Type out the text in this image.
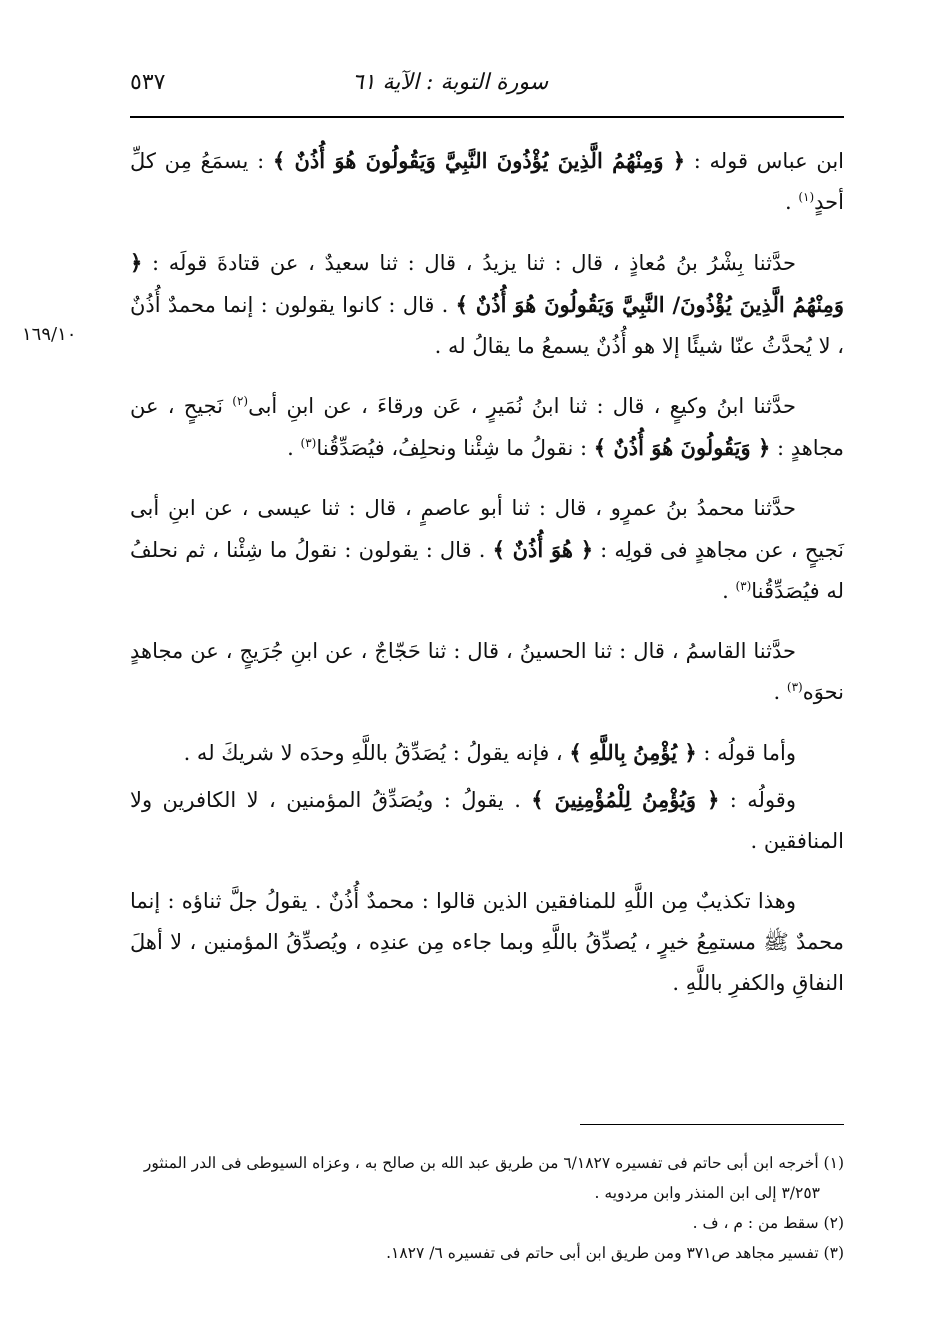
٥٣٧	سورة التوبة : الآية ٦١
١٦٩/١٠

ابن عباس قوله : ﴿ وَمِنْهُمُ الَّذِينَ يُؤْذُونَ النَّبِيَّ وَيَقُولُونَ هُوَ أُذُنٌ ﴾ : يسمَعُ مِن كلِّ أحدٍ$^{(١)}$ .

حدَّثنا بِشْرُ بنُ مُعاذٍ ، قال : ثنا يزيدُ ، قال : ثنا سعيدٌ ، عن قتادةَ قولَه : ﴿ وَمِنْهُمُ الَّذِينَ يُؤْذُونَ/ النَّبِيَّ وَيَقُولُونَ هُوَ أُذُنٌ ﴾ . قال : كانوا يقولون : إنما محمدٌ أُذُنٌ ، لا يُحدَّثُ عنّا شيئًا إلا هو أُذُنٌ يسمعُ ما يقالُ له .

حدَّثنا ابنُ وكيعٍ ، قال : ثنا ابنُ نُمَيرٍ ، عَن ورقاءَ ، عن ابنِ أبى$^{(٢)}$ نَجيحٍ ، عن مجاهدٍ : ﴿ وَيَقُولُونَ هُوَ أُذُنٌ ﴾ : نقولُ ما شِئْنا ونحلِفُ، فيُصَدِّقُنا$^{(٣)}$ .

حدَّثنا محمدُ بنُ عمرٍو ، قال : ثنا أبو عاصمٍ ، قال : ثنا عيسى ، عن ابنِ أبى نَجيحٍ ، عن مجاهدٍ فى قولِه : ﴿ هُوَ أُذُنٌ ﴾ . قال : يقولون : نقولُ ما شِئْنا ، ثم نحلفُ له فيُصَدِّقُنا$^{(٣)}$ .

حدَّثنا القاسمُ ، قال : ثنا الحسينُ ، قال : ثنا حَجّاجٌ ، عن ابنِ جُرَيجٍ ، عن مجاهدٍ نحوَه$^{(٣)}$ .

وأما قولُه : ﴿ يُؤْمِنُ بِاللَّهِ ﴾ ، فإنه يقولُ : يُصَدِّقُ باللَّهِ وحدَه لا شريكَ له .

وقولُه : ﴿ وَيُؤْمِنُ لِلْمُؤْمِنِينَ ﴾ . يقولُ : ويُصَدِّقُ المؤمنين ، لا الكافرين ولا المنافقين .

وهذا تكذيبٌ مِن اللَّهِ للمنافقين الذين قالوا : محمدٌ أُذُنٌ . يقولُ جلَّ ثناؤه : إنما محمدٌ ﷺ مستمِعُ خيرٍ ، يُصدِّقُ باللَّهِ وبما جاءه مِن عندِه ، ويُصدِّقُ المؤمنين ، لا أهلَ النفاقِ والكفرِ باللَّهِ .

(١) أخرجه ابن أبى حاتم فى تفسيره ٦/١٨٢٧ من طريق عبد الله بن صالح به ، وعزاه السيوطى فى الدر المنثور

٣/٢٥٣ إلى ابن المنذر وابن مردويه .

(٢) سقط من : م ، ف .

(٣) تفسير مجاهد ص٣٧١ ومن طريق ابن أبى حاتم فى تفسيره ٦/ ١٨٢٧.
